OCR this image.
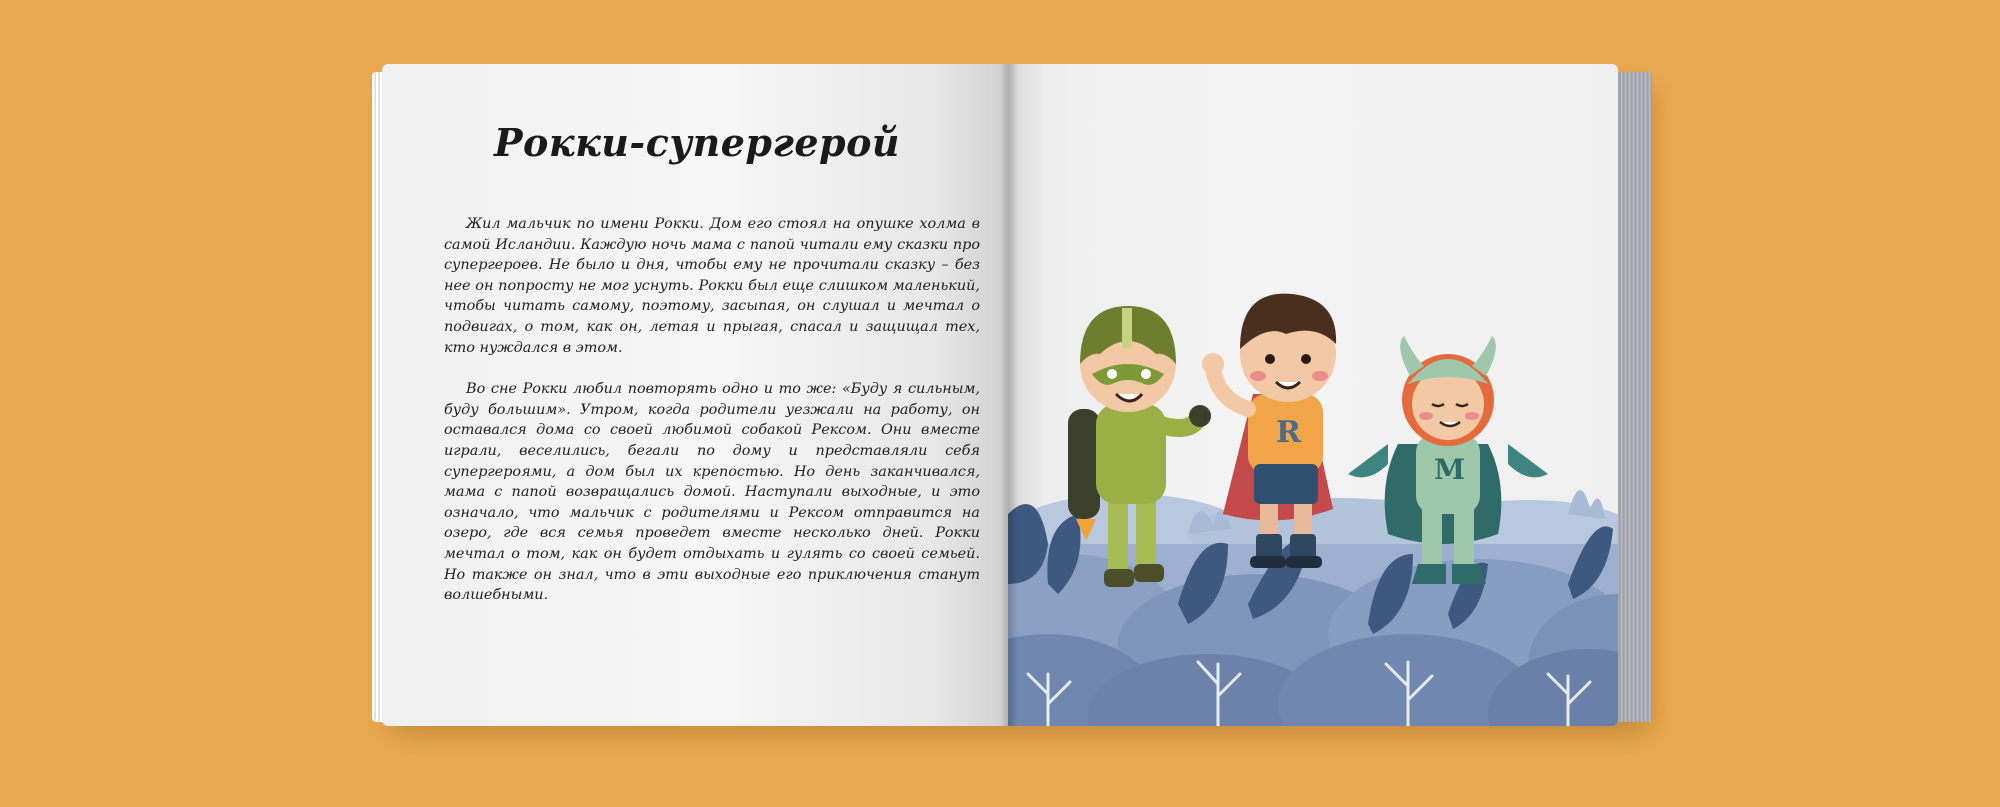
Рокки-супергерой

Жил мальчик по имени Рокки. Дом его стоял на опушке холма в самой Исландии. Каждую ночь мама с папой читали ему сказки про супергероев. Не было и дня, чтобы ему не прочитали сказку – без нее он попросту не мог уснуть. Рокки был еще слишком маленький, чтобы читать самому, поэтому, засыпая, он слушал и мечтал о подвигах, о том, как он, летая и прыгая, спасал и защищал тех, кто нуждался в этом.

Во сне Рокки любил повторять одно и то же: «Буду я сильным, буду большим». Утром, когда родители уезжали на работу, он оставался дома со своей любимой собакой Рексом. Они вместе играли, веселились, бегали по дому и представляли себя супергероями, а дом был их крепостью. Но день заканчивался, мама с папой возвращались домой. Наступали выходные, и это означало, что мальчик с родителями и Рексом отправится на озеро, где вся семья проведет вместе несколько дней. Рокки мечтал о том, как он будет отдыхать и гулять со своей семьей. Но также он знал, что в эти выходные его приключения станут волшебными.

R
M
